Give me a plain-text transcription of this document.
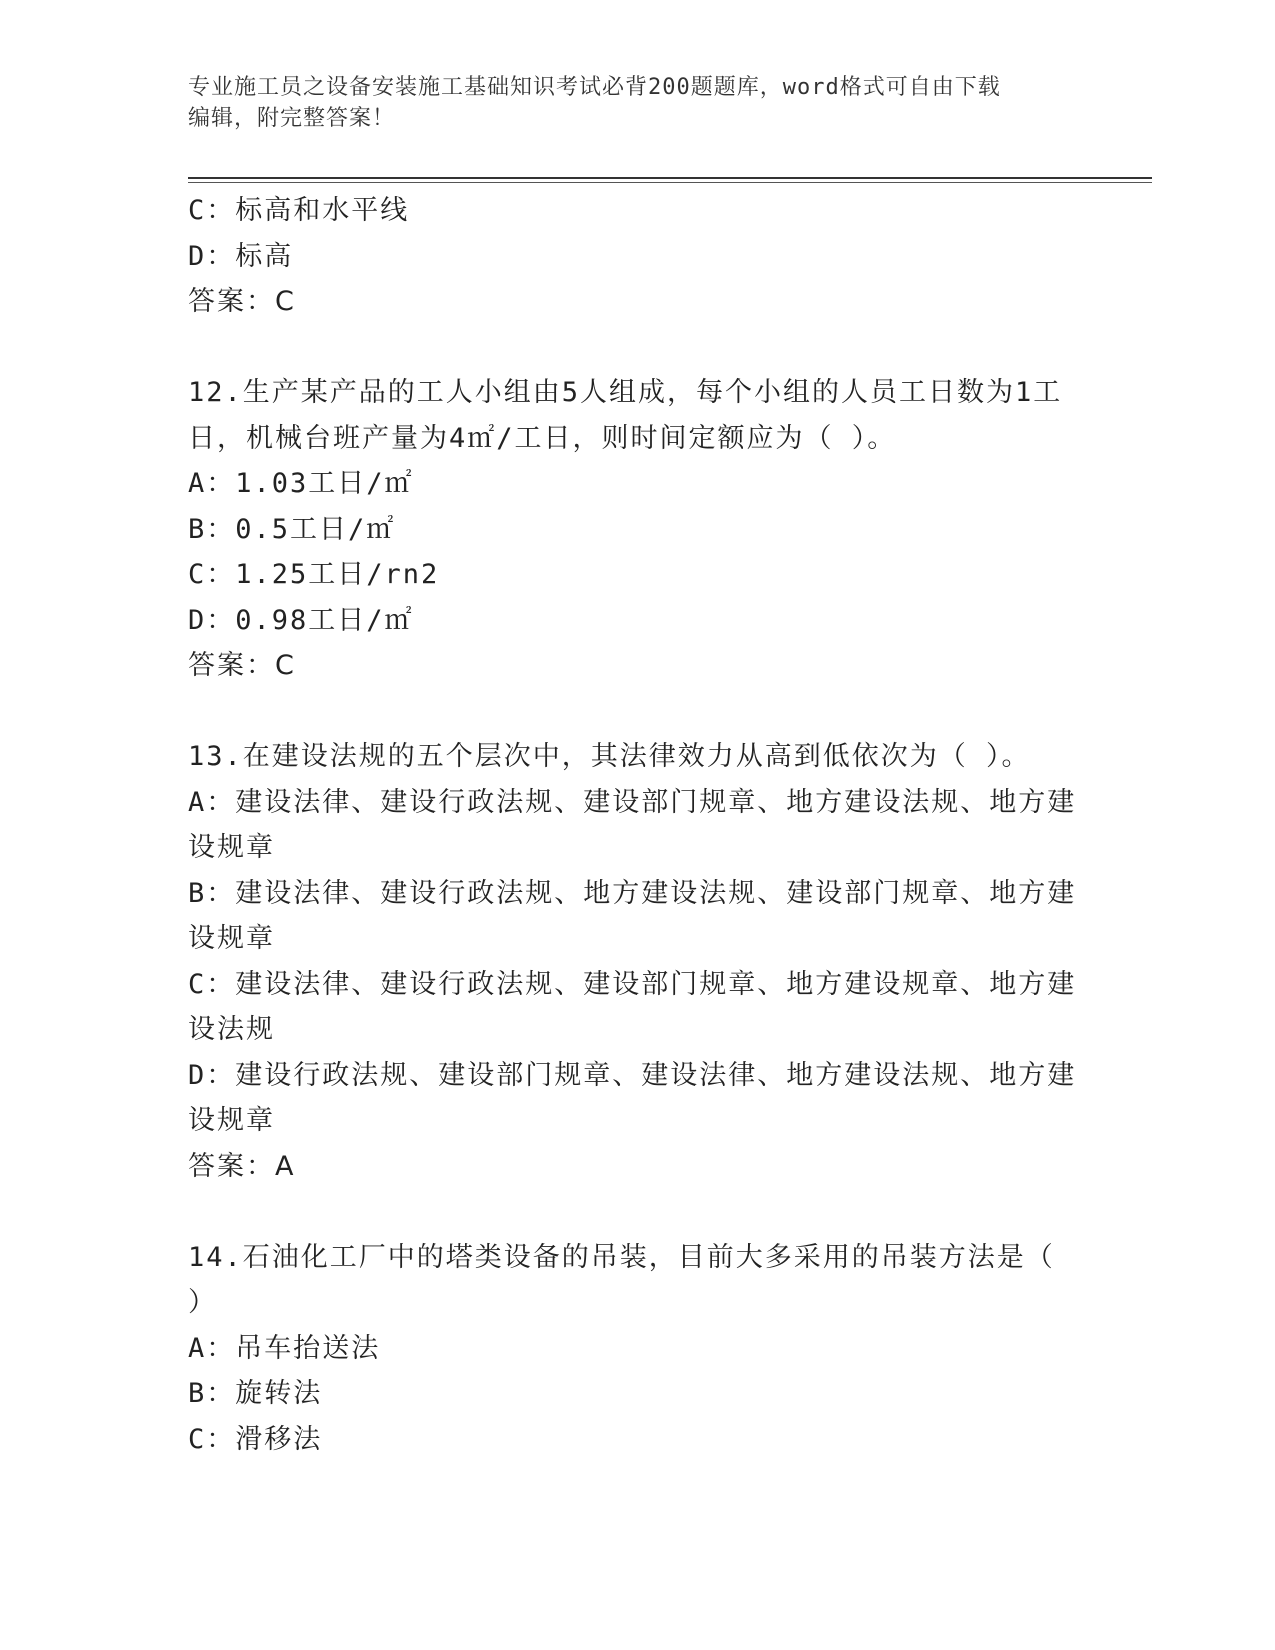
专业施工员之设备安装施工基础知识考试必背200题题库，word格式可自由下载
编辑，附完整答案！

C：标高和水平线

D：标高

答案：C

12.生产某产品的工人小组由5人组成，每个小组的人员工日数为1工

日，机械台班产量为4㎡/工日，则时间定额应为（ ）。

A：1.03工日/㎡

B：0.5工日/㎡

C：1.25工日/rn2

D：0.98工日/㎡

答案：C

13.在建设法规的五个层次中，其法律效力从高到低依次为（ ）。

A：建设法律、建设行政法规、建设部门规章、地方建设法规、地方建

设规章

B：建设法律、建设行政法规、地方建设法规、建设部门规章、地方建

设规章

C：建设法律、建设行政法规、建设部门规章、地方建设规章、地方建

设法规

D：建设行政法规、建设部门规章、建设法律、地方建设法规、地方建

设规章

答案：A

14.石油化工厂中的塔类设备的吊装，目前大多采用的吊装方法是（

）

A：吊车抬送法

B：旋转法

C：滑移法
